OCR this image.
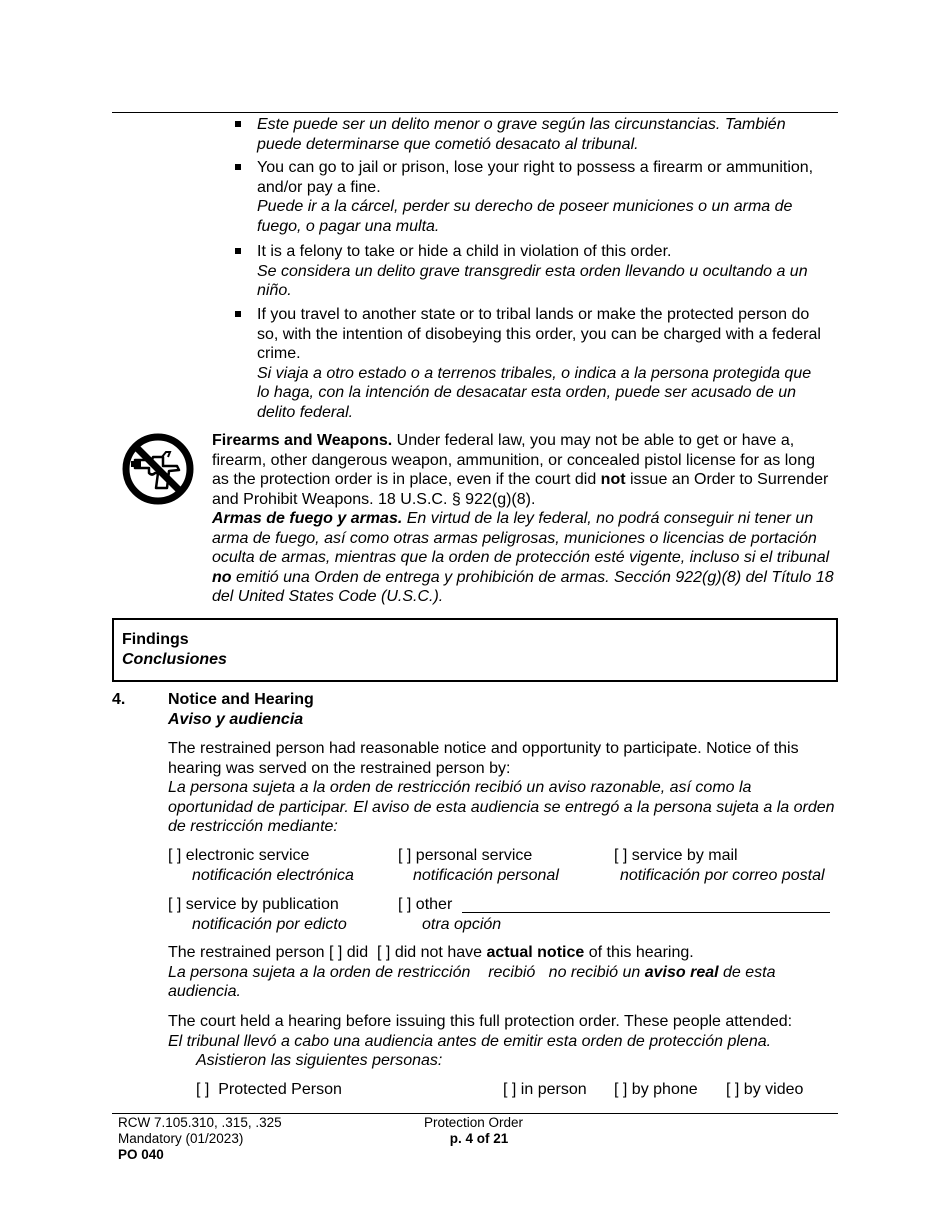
Este puede ser un delito menor o grave según las circunstancias. También puede determinarse que cometió desacato al tribunal.
You can go to jail or prison, lose your right to possess a firearm or ammunition, and/or pay a fine.
Puede ir a la cárcel, perder su derecho de poseer municiones o un arma de fuego, o pagar una multa.
It is a felony to take or hide a child in violation of this order.
Se considera un delito grave transgredir esta orden llevando u ocultando a un niño.
If you travel to another state or to tribal lands or make the protected person do so, with the intention of disobeying this order, you can be charged with a federal crime.
Si viaja a otro estado o a terrenos tribales, o indica a la persona protegida que lo haga, con la intención de desacatar esta orden, puede ser acusado de un delito federal.
Firearms and Weapons. Under federal law, you may not be able to get or have a, firearm, other dangerous weapon, ammunition, or concealed pistol license for as long as the protection order is in place, even if the court did not issue an Order to Surrender and Prohibit Weapons. 18 U.S.C. § 922(g)(8).
Armas de fuego y armas. En virtud de la ley federal, no podrá conseguir ni tener un arma de fuego, así como otras armas peligrosas, municiones o licencias de portación oculta de armas, mientras que la orden de protección esté vigente, incluso si el tribunal no emitió una Orden de entrega y prohibición de armas. Sección 922(g)(8) del Título 18 del United States Code (U.S.C.).
Findings
Conclusiones
4.	Notice and Hearing
Aviso y audiencia
The restrained person had reasonable notice and opportunity to participate. Notice of this hearing was served on the restrained person by:
La persona sujeta a la orden de restricción recibió un aviso razonable, así como la oportunidad de participar. El aviso de esta audiencia se entregó a la persona sujeta a la orden de restricción mediante:
[ ] electronic service
notificación electrónica
[ ] personal service
notificación personal
[ ] service by mail
notificación por correo postal
[ ] service by publication
notificación por edicto
[ ] other
otra opción
The restrained person [ ] did [ ] did not have actual notice of this hearing.
La persona sujeta a la orden de restricción recibió no recibió un aviso real de esta audiencia.
The court held a hearing before issuing this full protection order. These people attended:
El tribunal llevó a cabo una audiencia antes de emitir esta orden de protección plena.
Asistieron las siguientes personas:
[ ] Protected Person	[ ] in person [ ] by phone [ ] by video
RCW 7.105.310, .315, .325
Mandatory (01/2023)
PO 040
Protection Order
p. 4 of 21
